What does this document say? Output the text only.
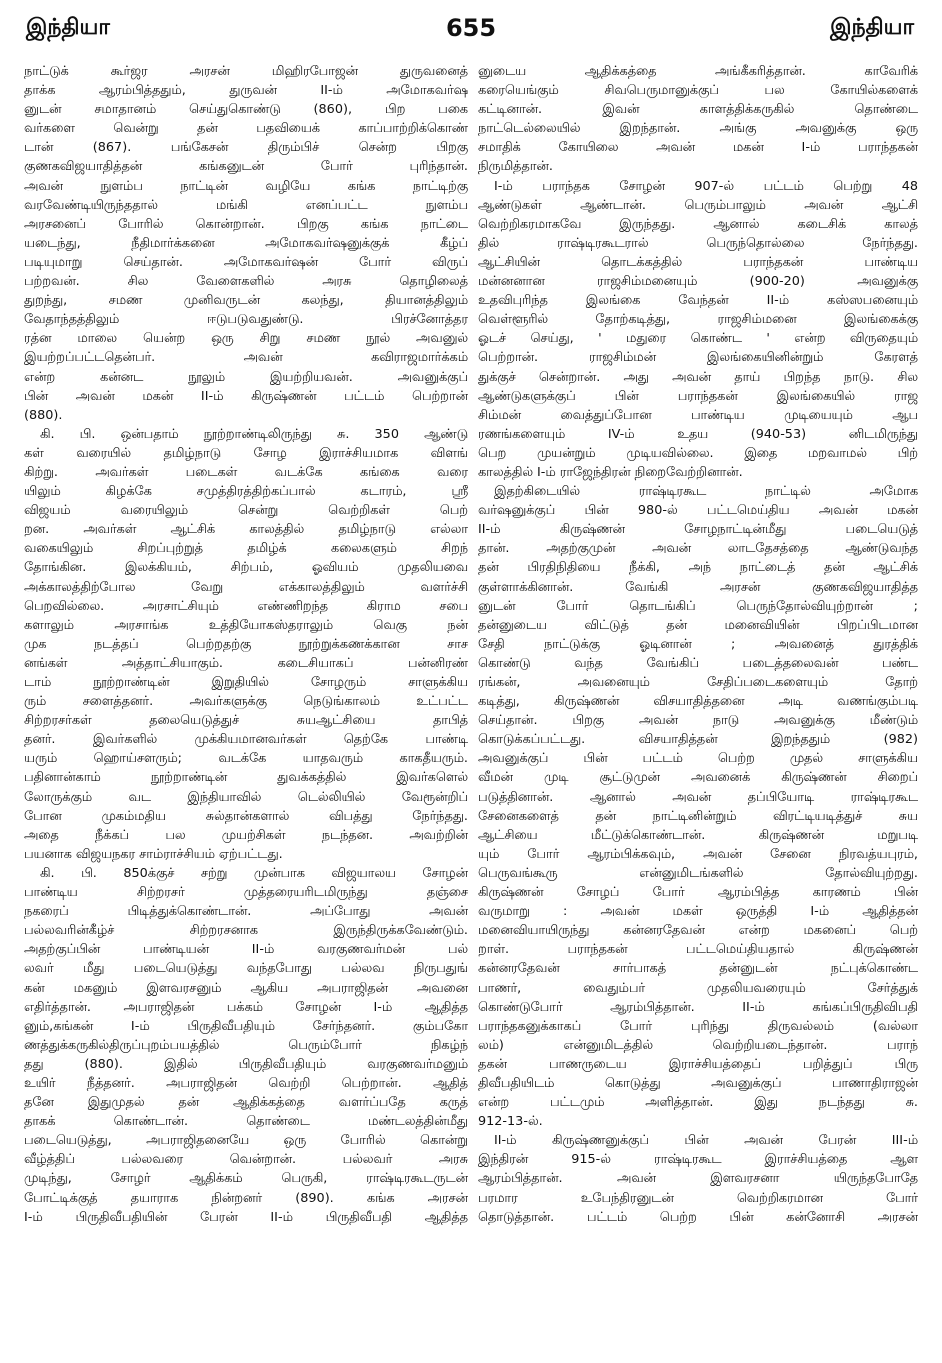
இந்தியா	655	இந்தியா
நாட்டுக் கூர்ஜர அரசன் மிஹிரபோஜன் துருவனைத்
தாக்க ஆரம்பித்ததும், துருவன் II-ம் அமோகவர்ஷ
னுடன் சமாதானம் செய்துகொண்டு (860), பிற பகை
வர்களை வென்று தன் பதவியைக் காப்பாற்றிக்கொண்
டான் (867). பங்கேசன் திரும்பிச் சென்ற பிறகு
குணகவிஜயாதித்தன் கங்கனுடன் போர் புரிந்தான்.
அவன் நுளம்ப நாட்டின் வழியே கங்க நாட்டிற்கு
வரவேண்டியிருந்ததால் மங்கி எனப்பட்ட நுளம்ப
அரசனைப் போரில் கொன்றான். பிறகு கங்க நாட்டை
யடைந்து, நீதிமார்க்கனை அமோகவர்ஷனுக்குக் கீழ்ப்
படியுமாறு செய்தான். அமோகவர்ஷன் போர் விருப்
பற்றவன். சில வேளைகளில் அரசு தொழிலைத்
துறந்து, சமண முனிவருடன் கலந்து, தியானத்திலும்
வேதாந்தத்திலும் ஈடுபடுவதுண்டு. பிரச்னோத்தர
ரத்ன மாலை யென்ற ஒரு சிறு சமண நூல் அவனுல்
இயற்றப்பட்டதென்பர். அவன் கவிராஜமார்க்கம்
என்ற கன்னட நூலும் இயற்றியவன். அவனுக்குப்
பின் அவன் மகன் II-ம் கிருஷ்ணன் பட்டம் பெற்றான்
(880).
கி. பி. ஒன்பதாம் நூற்றாண்டிலிருந்து சு. 350 ஆண்டு
கள் வரையில் தமிழ்நாடு சோழ இராச்சியமாக விளங்
கிற்று. அவர்கள் படைகள் வடக்கே கங்கை வரை
யிலும் கிழக்கே சமுத்திரத்திற்கப்பால் கடாரம், ஸ்ரீ
விஜயம் வரையிலும் சென்று வெற்றிகள் பெற்
றன. அவர்கள் ஆட்சிக் காலத்தில் தமிழ்நாடு எல்லா
வகையிலும் சிறப்புற்றுத் தமிழ்க் கலைகளும் சிறந்
தோங்கின. இலக்கியம், சிற்பம், ஓவியம் முதலியவை
அக்காலத்திற்போல வேறு எக்காலத்திலும் வளர்ச்சி
பெறவில்லை. அரசாட்சியும் எண்ணிறந்த கிராம சபை
களாலும் அரசாங்க உத்தியோகஸ்தராலும் வெகு நன்
முக நடத்தப் பெற்றதற்கு நூற்றுக்கணக்கான சாச
னங்கள் அத்தாட்சியாகும். கடைசியாகப் பன்னிரண்
டாம் நூற்றாண்டின் இறுதியில் சோழரும் சாளுக்கிய
ரும் சளைத்தனர். அவர்களுக்கு நெடுங்காலம் உட்பட்ட
சிற்றரசர்கள் தலையெடுத்துச் சுயஆட்சியை தாபித்
தனர். இவர்களில் முக்கியமானவர்கள் தெற்கே பாண்டி
யரும் ஹொய்சளரும்; வடக்கே யாதவரும் காகதீயரும்.
பதினான்காம் நூற்றாண்டின் துவக்கத்தில் இவர்களெல்
லோருக்கும் வட இந்தியாவில் டெல்லியில் வேரூன்றிப்
போன முகம்மதிய சுல்தான்களால் விபத்து நேர்ந்தது.
அதை நீக்கப் பல முயற்சிகள் நடந்தன. அவற்றின்
பயனாக விஜயநகர சாம்ராச்சியம் ஏற்பட்டது.
கி. பி. 850க்குச் சற்று முன்பாக விஜயாலய சோழன்
பாண்டிய சிற்றரசர் முத்தரையரிடமிருந்து தஞ்சை
நகரைப் பிடித்துக்கொண்டான். அப்போது அவன்
பல்லவரின்கீழ்ச் சிற்றரசனாக இருந்திருக்கவேண்டும்.
அதற்குப்பின் பாண்டியன் II-ம் வரகுணவர்மன் பல்
லவர் மீது படையெடுத்து வந்தபோது பல்லவ நிருபதுங்
கன் மகனும் இளவரசனும் ஆகிய அபராஜிதன் அவனை
எதிர்த்தான். அபராஜிதன் பக்கம் சோழன் I-ம் ஆதித்த
னும்,கங்கன் I-ம் பிருதிவீபதியும் சேர்ந்தனர். கும்பகோ
ணத்துக்கருகில்திருப்புறம்பயத்தில் பெரும்போர் நிகழ்ந்
தது (880). இதில் பிருதிவீபதியும் வரகுணவர்மனும்
உயிர் நீத்தனர். அபராஜிதன் வெற்றி பெற்றான். ஆதித்
தனே இதுமுதல் தன் ஆதிக்கத்தை வளர்ப்பதே கருத்
தாகக் கொண்டான். தொண்டை மண்டலத்தின்மீது
படையெடுத்து, அபராஜிதனையே ஒரு போரில் கொன்று
வீழ்த்திப் பல்லவரை வென்றான். பல்லவர் அரசு
முடிந்து, சோழர் ஆதிக்கம் பெருகி, ராஷ்டிரகூடருடன்
போட்டிக்குத் தயாராக நின்றனர் (890). கங்க அரசன்
I-ம் பிருதிவீபதியின் பேரன் II-ம் பிருதிவீபதி ஆதித்த
னுடைய ஆதிக்கத்தை அங்கீகரித்தான். காவேரிக்
கரையெங்கும் சிவபெருமானுக்குப் பல கோயில்களைக்
கட்டினான். இவன் காளத்திக்கருகில் தொண்டை
நாட்டெல்லையில் இறந்தான். அங்கு அவனுக்கு ஒரு
சமாதிக் கோயிலை அவன் மகன் I-ம் பராந்தகன்
நிருமித்தான்.
I-ம் பராந்தக சோழன் 907-ல் பட்டம் பெற்று 48
ஆண்டுகள் ஆண்டான். பெரும்பாலும் அவன் ஆட்சி
வெற்றிகரமாகவே இருந்தது. ஆனால் கடைசிக் காலத்
தில் ராஷ்டிரகூடரால் பெருந்தொல்லை நேர்ந்தது.
ஆட்சியின் தொடக்கத்தில் பராந்தகன் பாண்டிய
மன்னனான ராஜசிம்மனையும் (900-20) அவனுக்கு
உதவிபுரிந்த இலங்கை வேந்தன் II-ம் கஸ்ஸபனையும்
வெள்ளூரில் தோற்கடித்து, ராஜசிம்மனை இலங்கைக்கு
ஓடச் செய்து, ' மதுரை கொண்ட ' என்ற விருதையும்
பெற்றான். ராஜசிம்மன் இலங்கையினின்றும் கேரளத்
துக்குச் சென்றான். அது அவன் தாய் பிறந்த நாடு. சில
ஆண்டுகளுக்குப் பின் பராந்தகன் இலங்கையில் ராஜ
சிம்மன் வைத்துப்போன பாண்டிய முடியையும் ஆப
ரணங்களையும் IV-ம் உதய (940-53) னிடமிருந்து
பெற முயன்றும் முடியவில்லை. இதை மறவாமல் பிற்
காலத்தில் I-ம் ராஜேந்திரன் நிறைவேற்றினான்.
இதற்கிடையில் ராஷ்டிரகூட நாட்டில் அமோக
வர்ஷனுக்குப் பின் 980-ல் பட்டமெய்திய அவன் மகன்
II-ம் கிருஷ்ணன் சோழநாட்டின்மீது படையெடுத்
தான். அதற்குமுன் அவன் லாடதேசத்தை ஆண்டுவந்த
தன் பிரதிநிதியை நீக்கி, அந் நாட்டைத் தன் ஆட்சிக்
குள்ளாக்கினான். வேங்கி அரசன் குணகவிஜயாதித்த
னுடன் போர் தொடங்கிப் பெருந்தோல்வியுற்றான் ;
தன்னுடைய விட்டுத் தன் மனைவியின் பிறப்பிடமான
சேதி நாட்டுக்கு ஓடினான் ; அவனைத் துரத்திக்
கொண்டு வந்த வேங்கிப் படைத்தலைவன் பண்ட
ரங்கன், அவனையும் சேதிப்படைகளையும் தோற்
கடித்து, கிருஷ்ணன் விசயாதித்தனை அடி வணங்கும்படி
செய்தான். பிறகு அவன் நாடு அவனுக்கு மீண்டும்
கொடுக்கப்பட்டது. விசயாதித்தன் இறந்ததும் (982)
அவனுக்குப் பின் பட்டம் பெற்ற முதல் சாளுக்கிய
வீமன் முடி சூட்டுமுன் அவனைக் கிருஷ்ணன் சிறைப்
படுத்தினான். ஆனால் அவன் தப்பியோடி ராஷ்டிரகூட
சேனைகளைத் தன் நாட்டினின்றும் விரட்டியடித்துச் சுய
ஆட்சியை மீட்டுக்கொண்டான். கிருஷ்ணன் மறுபடி
யும் போர் ஆரம்பிக்கவும், அவன் சேனை நிரவத்யபுரம்,
பெருவங்கூரு என்னுமிடங்களில் தோல்வியுற்றது.
கிருஷ்ணன் சோழப் போர் ஆரம்பித்த காரணம் பின்
வருமாறு : அவன் மகள் ஒருத்தி I-ம் ஆதித்தன்
மனைவியாயிருந்து கன்னரதேவன் என்ற மகனைப் பெற்
றாள். பராந்தகன் பட்டமெய்தியதால் கிருஷ்ணன்
கன்னரதேவன் சார்பாகத் தன்னுடன் நட்புக்கொண்ட
பாணர், வைதும்பர் முதலியவரையும் சேர்த்துக்
கொண்டுபோர் ஆரம்பித்தான். II-ம் கங்கப்பிருதிவிபதி
பராந்தகனுக்காகப் போர் புரிந்து திருவல்லம் (வல்லா
லம்) என்னுமிடத்தில் வெற்றியடைந்தான். பராந்
தகன் பாணருடைய இராச்சியத்தைப் பறித்துப் பிரு
திவீபதியிடம் கொடுத்து அவனுக்குப் பாணாதிராஜன்
என்ற பட்டமும் அளித்தான். இது நடந்தது சு.
912-13-ல்.
II-ம் கிருஷ்ணனுக்குப் பின் அவன் பேரன் III-ம்
இந்திரன் 915-ல் ராஷ்டிரகூட இராச்சியத்தை ஆள
ஆரம்பித்தான். அவன் இளவரசனா யிருந்தபோதே
பரமார உபேந்திரனுடன் வெற்றிகரமான போர்
தொடுத்தான். பட்டம் பெற்ற பின் கன்னோசி அரசன்
